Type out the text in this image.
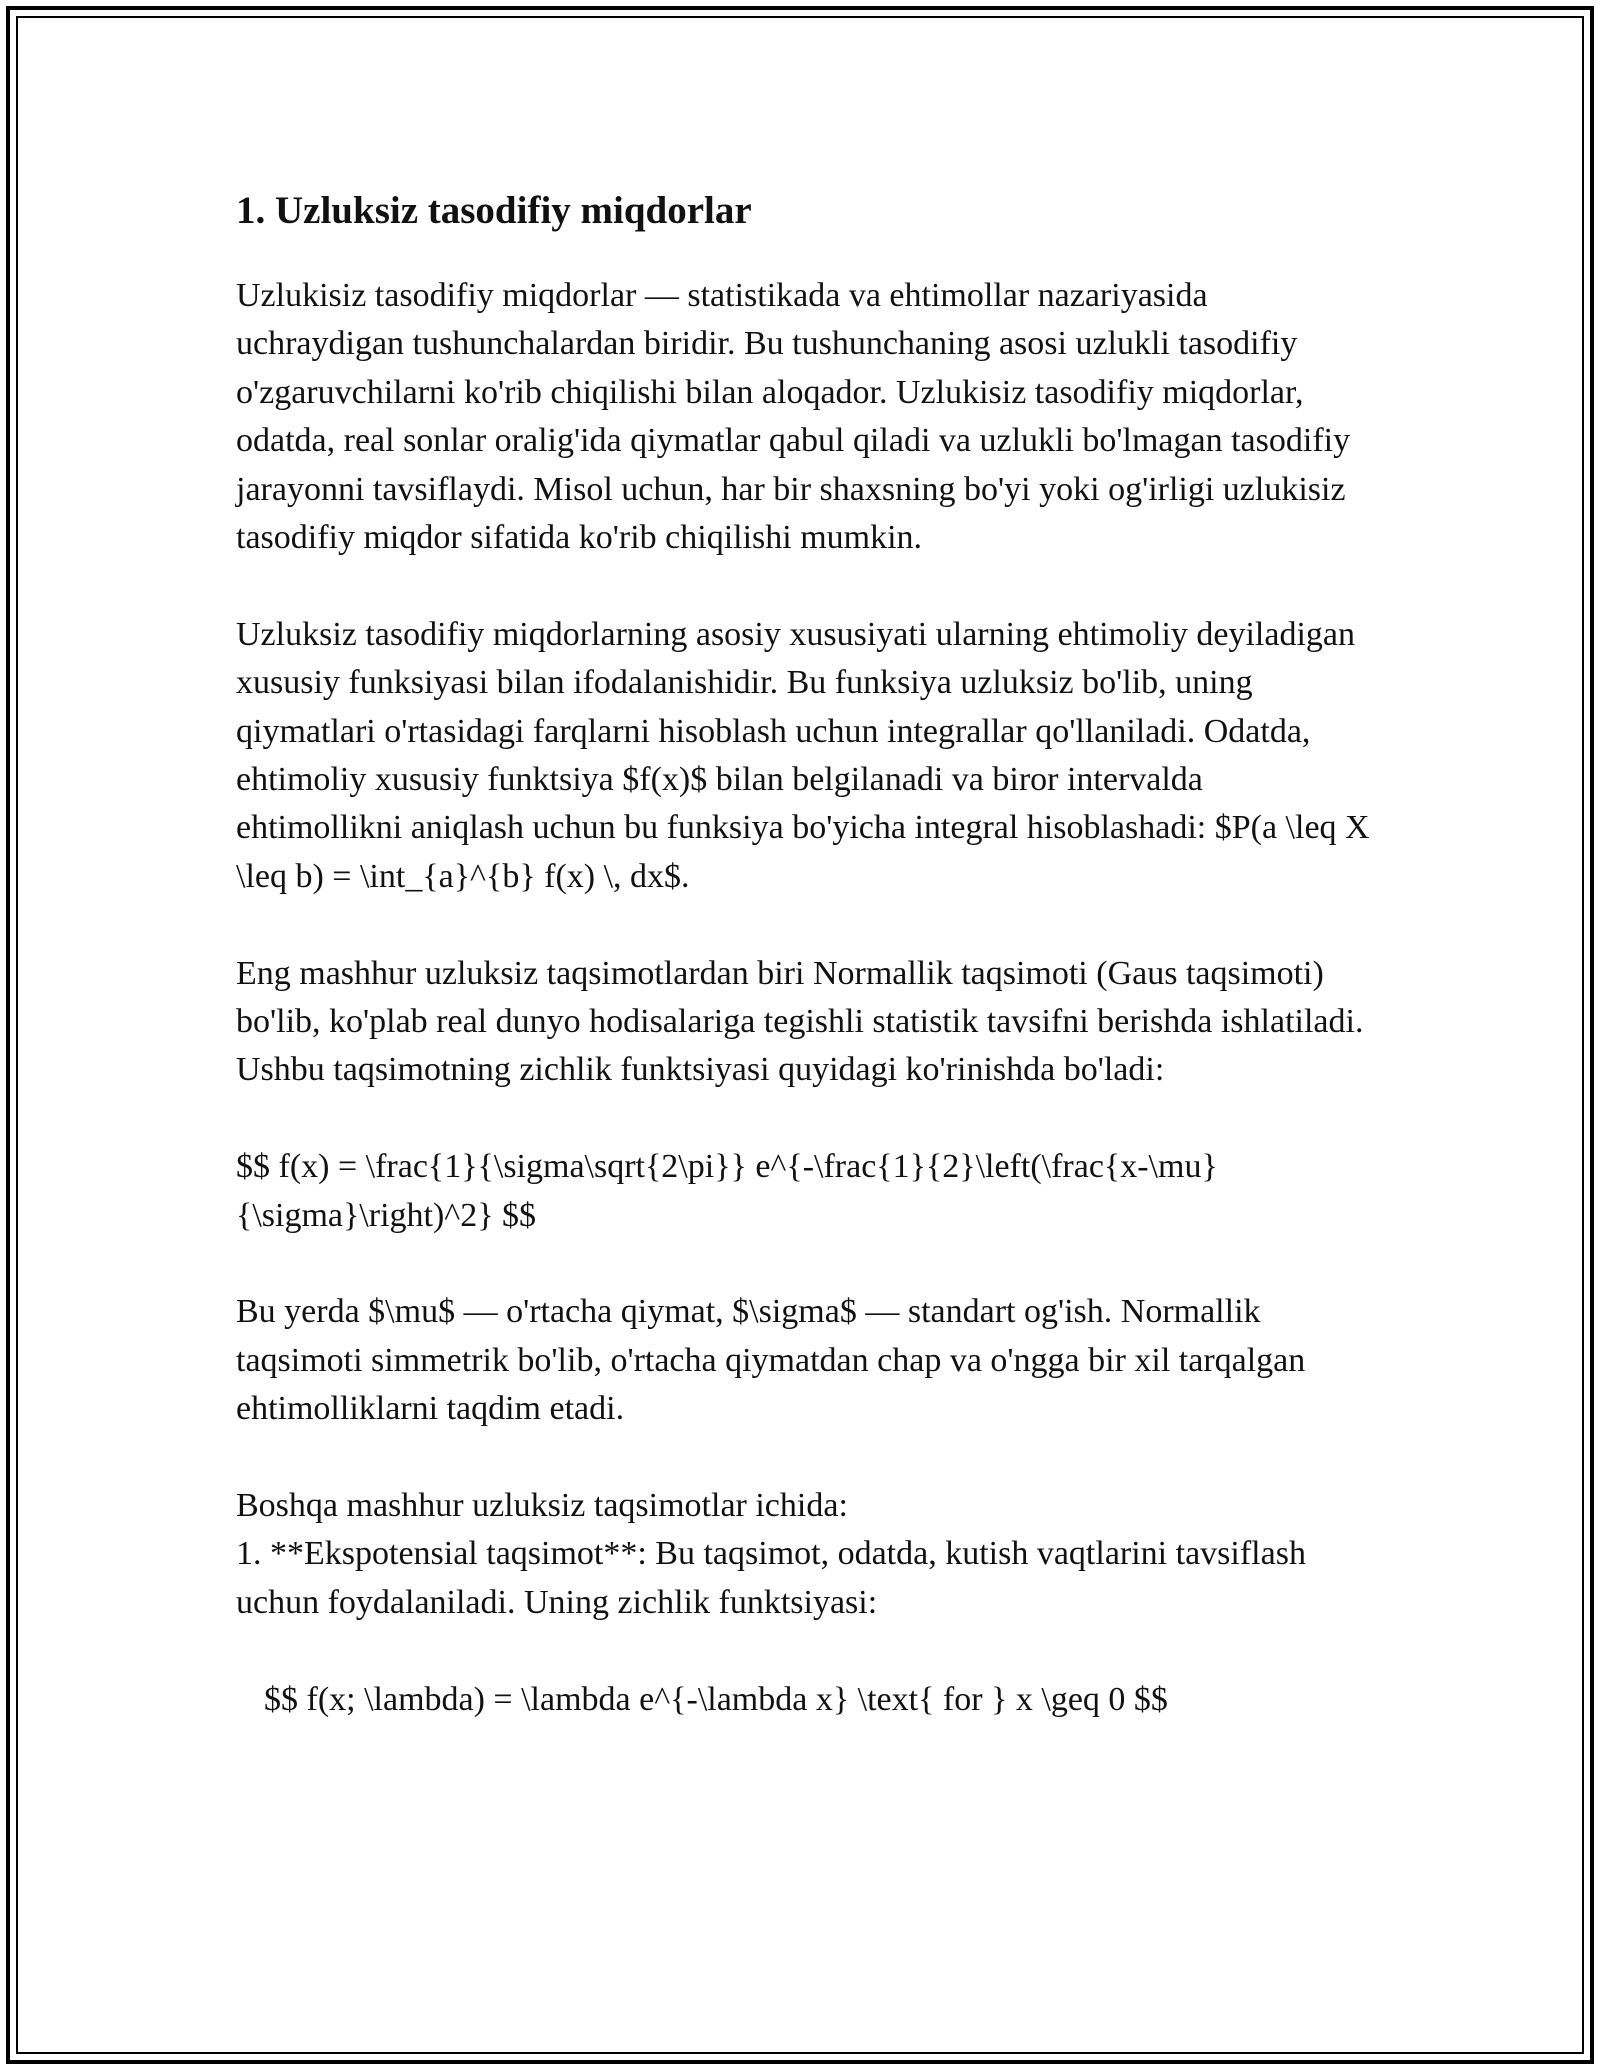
1. Uzluksiz tasodifiy miqdorlar

Uzlukisiz tasodifiy miqdorlar — statistikada va ehtimollar nazariyasida uchraydigan tushunchalardan biridir. Bu tushunchaning asosi uzlukli tasodifiy o'zgaruvchilarni ko'rib chiqilishi bilan aloqador. Uzlukisiz tasodifiy miqdorlar, odatda, real sonlar oralig'ida qiymatlar qabul qiladi va uzlukli bo'lmagan tasodifiy jarayonni tavsiflaydi. Misol uchun, har bir shaxsning bo'yi yoki og'irligi uzlukisiz tasodifiy miqdor sifatida ko'rib chiqilishi mumkin.

Uzluksiz tasodifiy miqdorlarning asosiy xususiyati ularning ehtimoliy deyiladigan xususiy funksiyasi bilan ifodalanishidir. Bu funksiya uzluksiz bo'lib, uning qiymatlari o'rtasidagi farqlarni hisoblash uchun integrallar qo'llaniladi. Odatda, ehtimoliy xususiy funktsiya $f(x)$ bilan belgilanadi va biror intervalda ehtimollikni aniqlash uchun bu funksiya bo'yicha integral hisoblashadi: $P(a \leq X \leq b) = \int_{a}^{b} f(x) \, dx$.

Eng mashhur uzluksiz taqsimotlardan biri Normallik taqsimoti (Gaus taqsimoti) bo'lib, ko'plab real dunyo hodisalariga tegishli statistik tavsifni berishda ishlatiladi. Ushbu taqsimotning zichlik funktsiyasi quyidagi ko'rinishda bo'ladi:

$$ f(x) = \frac{1}{\sigma\sqrt{2\pi}} e^{-\frac{1}{2}\left(\frac{x-\mu}{\sigma}\right)^2} $$

Bu yerda $\mu$ — o'rtacha qiymat, $\sigma$ — standart og'ish. Normallik taqsimoti simmetrik bo'lib, o'rtacha qiymatdan chap va o'ngga bir xil tarqalgan ehtimolliklarni taqdim etadi.

Boshqa mashhur uzluksiz taqsimotlar ichida:

1. **Ekspotensial taqsimot**: Bu taqsimot, odatda, kutish vaqtlarini tavsiflash uchun foydalaniladi. Uning zichlik funktsiyasi:

$$ f(x; \lambda) = \lambda e^{-\lambda x} \text{ for } x \geq 0 $$
